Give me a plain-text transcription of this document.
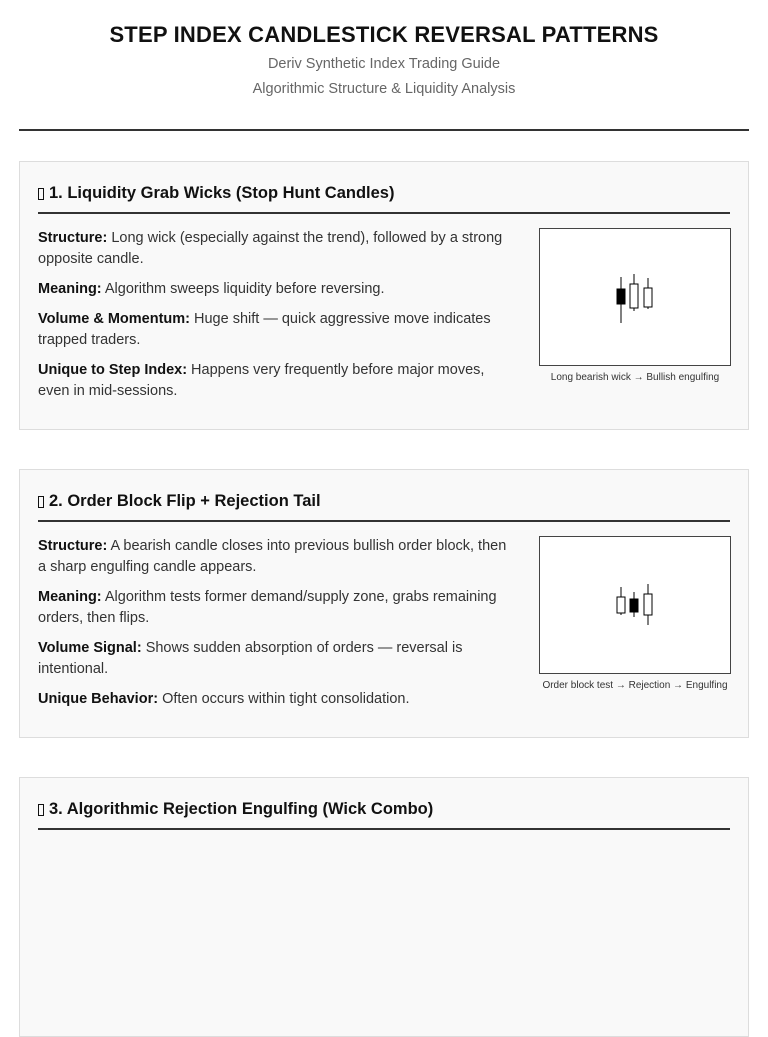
STEP INDEX CANDLESTICK REVERSAL PATTERNS
Deriv Synthetic Index Trading Guide
Algorithmic Structure & Liquidity Analysis
1. Liquidity Grab Wicks (Stop Hunt Candles)

Structure: Long wick (especially against the trend), followed by a strong opposite candle.

Meaning: Algorithm sweeps liquidity before reversing.

Volume & Momentum: Huge shift — quick aggressive move indicates trapped traders.

Unique to Step Index: Happens very frequently before major moves, even in mid-sessions.

Long bearish wick → Bullish engulfing
2. Order Block Flip + Rejection Tail

Structure: A bearish candle closes into previous bullish order block, then a sharp engulfing candle appears.

Meaning: Algorithm tests former demand/supply zone, grabs remaining orders, then flips.

Volume Signal: Shows sudden absorption of orders — reversal is intentional.

Unique Behavior: Often occurs within tight consolidation.

Order block test → Rejection → Engulfing
3. Algorithmic Rejection Engulfing (Wick Combo)
